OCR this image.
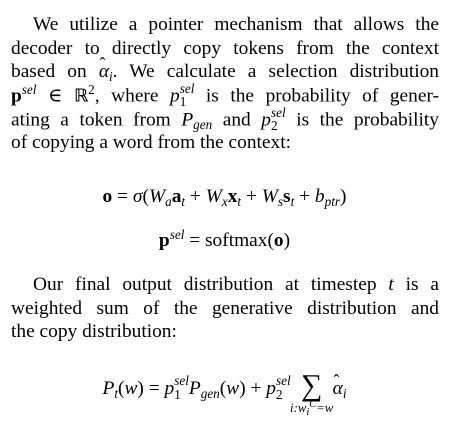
We utilize a pointer mechanism that allows the
decoder to directly copy tokens from the context
based on ˆ $\alpha_i$. We calculate a selection distribution
$p^{sel}$ ∈ ℝ$^2$, where p sel
1 is the probability of gener-
ating a token from $P_{gen}$ and p sel
2 is the probability
of copying a word from the context:
$o = \sigma(W_aa_t + W_xx_t + W_ss_t + b_{ptr})$
$p^{sel}$ = softmax(o)
Our final output distribution at timestep t is a
weighted sum of the generative distribution and
the copy distribution:
$P_t(w) = p$ sel
1 $P_{gen}(w) + p$ sel
2 ∑
$i:w_i^C=w$
ˆ $\alpha_i$
